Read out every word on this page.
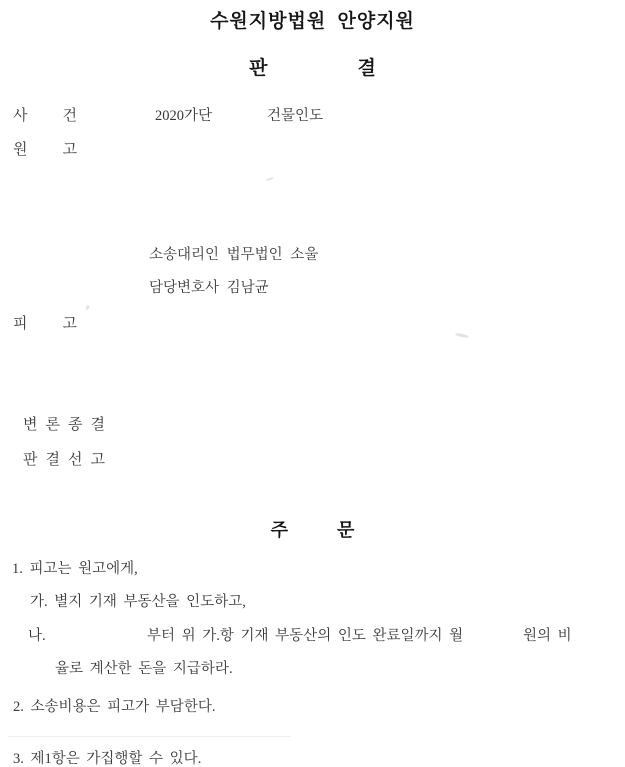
수원지방법원 안양지원
판	결
사 건	2020가단	건물인도
원 고
소송대리인 법무법인 소울
담당변호사 김남균
피 고
변론종결
판결선고
주	문
1. 피고는 원고에게,
가. 별지 기재 부동산을 인도하고,
나.	부터 위 가.항 기재 부동산의 인도 완료일까지 월	원의 비
율로 계산한 돈을 지급하라.
2. 소송비용은 피고가 부담한다.
3. 제1항은 가집행할 수 있다.
